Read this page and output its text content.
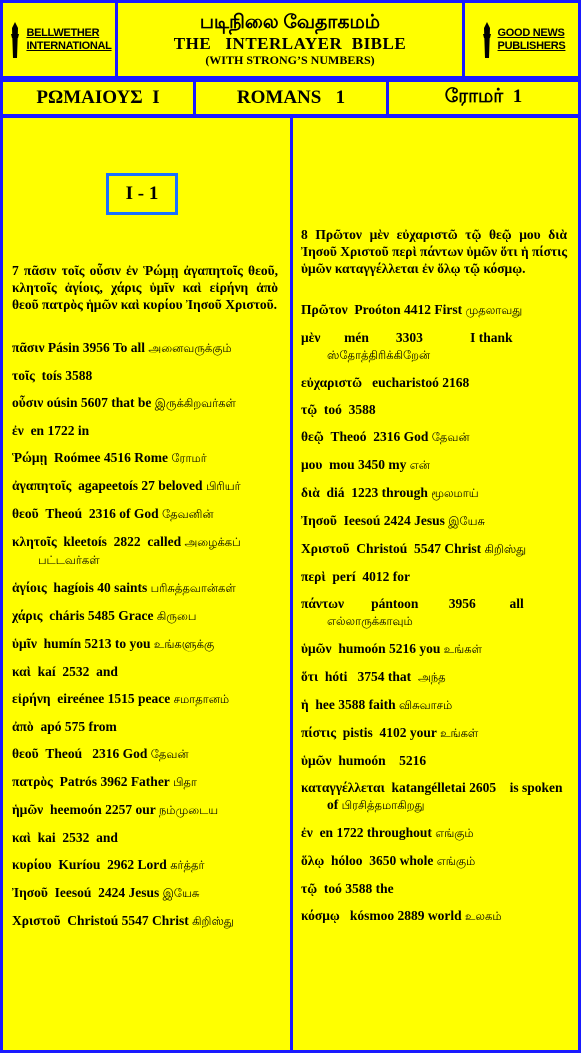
BELLWETHER
INTERNATIONAL
படிநிலை வேதாகமம்
THE   INTERLAYER  BIBLE
(WITH STRONG’S NUMBERS)
GOOD NEWS
PUBLISHERS
ΡΩΜΑΙΟΥΣ  Ι	ROMANS   1	ரோமர்  1
I - 1
7 πᾶσιν τοῖς οὖσιν ἐν Ῥώμῃ ἀγαπητοῖς θεοῦ, κλητοῖς ἁγίοις, χάρις ὑμῖν καὶ εἰρήνη ἀπὸ θεοῦ πατρὸς ἡμῶν καὶ κυρίου Ἰησοῦ Χριστοῦ.

πᾶσιν Pásin 3956 To all அனைவருக்கும்

τοῖς  toís 3588

οὖσιν oúsin 5607 that be இருக்கிறவர்கள்

ἐν  en 1722 in

Ῥώμῃ  Roómee 4516 Rome ரோமர்

ἀγαπητοῖς  agapeetoís 27 beloved பிரியர்

θεοῦ  Theoú  2316 of God தேவனின்

κλητοῖς  kleetoís  2822  called அழைக்கப் பட்டவர்கள்

ἁγίοις  hagíois 40 saints பரிசுத்தவான்கள்

χάρις  cháris 5485 Grace கிருபை

ὑμῖν  humín 5213 to you உங்களுக்கு

καὶ  kaí  2532  and

εἰρήνη  eireénee 1515 peace சமாதானம்

ἀπὸ  apó 575 from

θεοῦ  Theoú   2316 God தேவன்

πατρὸς  Patrós 3962 Father பிதா

ἡμῶν  heemoón 2257 our நம்முடைய

καὶ  kai  2532  and

κυρίου  Kuríou  2962 Lord கர்த்தர்

Ἰησοῦ  Ieesoú  2424 Jesus இயேசு

Χριστοῦ  Christoú 5547 Christ கிறிஸ்து

8 Πρῶτον μὲν εὐχαριστῶ τῷ θεῷ μου διὰ Ἰησοῦ Χριστοῦ περὶ πάντων ὑμῶν ὅτι ἡ πίστις ὑμῶν καταγγέλλεται ἐν ὅλῳ τῷ κόσμῳ.

Πρῶτον  Proóton 4412 First முதலாவது

μὲν       mén        3303              I thank ஸ்தோத்திரிக்கிறேன்

εὐχαριστῶ   eucharistoó 2168

τῷ  toó  3588

θεῷ  Theoó  2316 God தேவன்

μου  mou 3450 my என்

διὰ  diá  1223 through மூலமாய்

Ἰησοῦ  Ieesoú 2424 Jesus இயேசு

Χριστοῦ  Christoú  5547 Christ கிறிஸ்து

περὶ  perí  4012 for

πάντων        pántoon         3956          all எல்லாருக்காவும்

ὑμῶν  humoón 5216 you உங்கள்

ὅτι  hóti   3754 that  அந்த

ἡ  hee 3588 faith விசுவாசம்

πίστις  pistis  4102 your உங்கள்

ὑμῶν  humoón    5216

καταγγέλλεται  katangélletai 2605    is spoken of பிரசித்தமாகிறது

ἐν  en 1722 throughout எங்கும்

ὅλῳ  hóloo  3650 whole எங்கும்

τῷ  toó 3588 the

κόσμῳ   kósmoo 2889 world உலகம்
